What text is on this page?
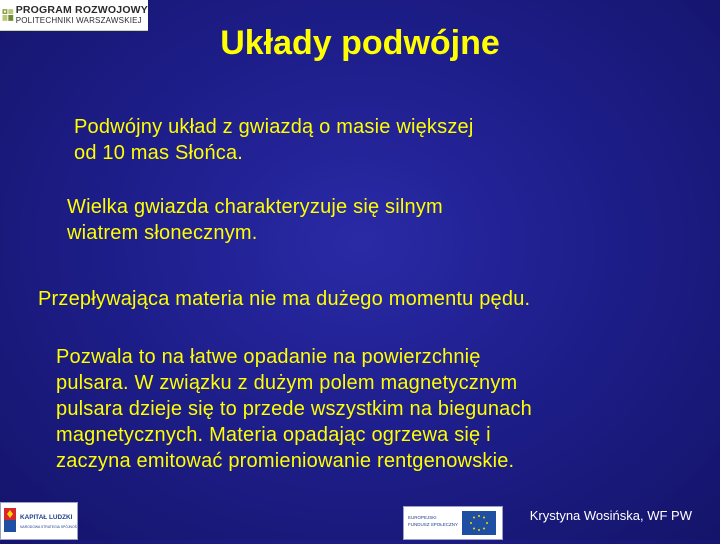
PROGRAM ROZWOJOWY
POLITECHNIKI WARSZAWSKIEJ
Układy podwójne
Podwójny układ z gwiazdą o masie większej
od 10 mas Słońca.
Wielka gwiazda charakteryzuje się silnym
wiatrem słonecznym.
Przepływająca materia nie ma dużego momentu pędu.
Pozwala to na łatwe opadanie na powierzchnię
pulsara. W związku z dużym polem magnetycznym
pulsara dzieje się to przede wszystkim na biegunach
magnetycznych. Materia opadając ogrzewa się i
zaczyna emitować promieniowanie rentgenowskie.
KAPITAŁ LUDZKI
NARODOWA STRATEGIA SPÓJNOŚCI
EUROPEJSKI
FUNDUSZ SPOŁECZNY
Krystyna Wosińska, WF PW
